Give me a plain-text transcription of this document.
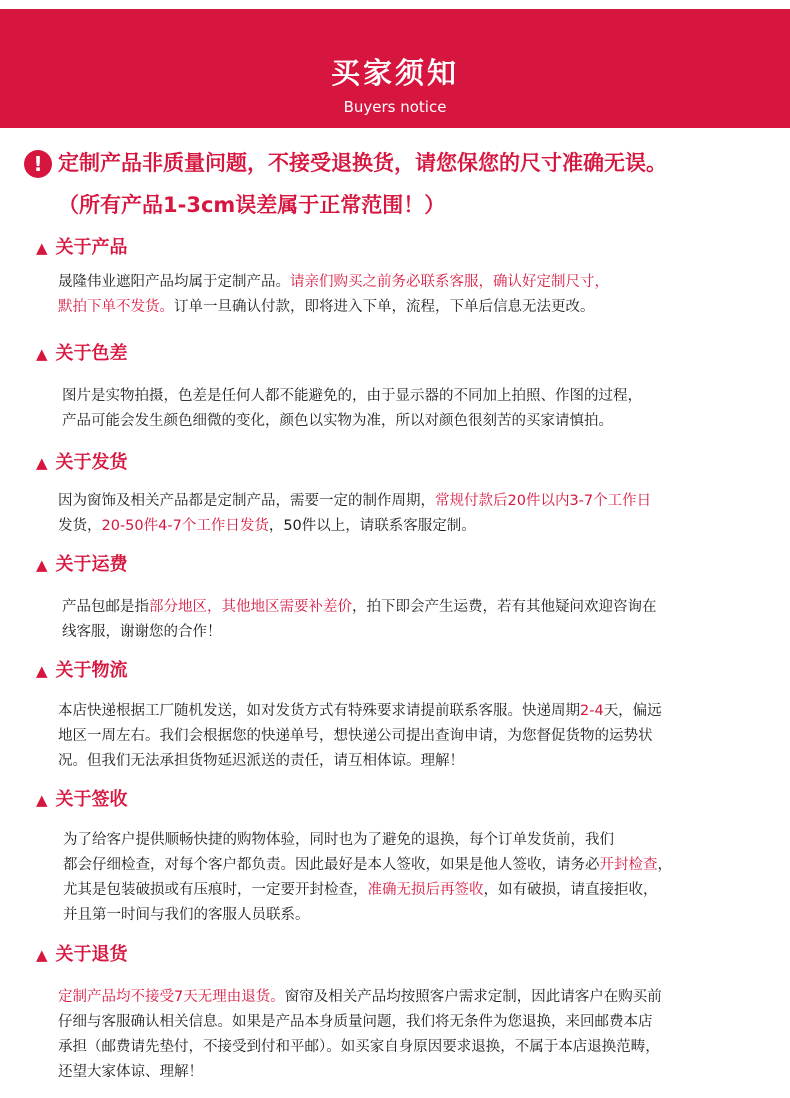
买家须知
Buyers notice
! 定制产品非质量问题，不接受退换货，请您保您的尺寸准确无误。
（所有产品1-3cm误差属于正常范围！）
▲ 关于产品
晟隆伟业遮阳产品均属于定制产品。请亲们购买之前务必联系客服，确认好定制尺寸，
默拍下单不发货。订单一旦确认付款，即将进入下单，流程，下单后信息无法更改。
▲ 关于色差
图片是实物拍摄，色差是任何人都不能避免的，由于显示器的不同加上拍照、作图的过程，
产品可能会发生颜色细微的变化，颜色以实物为准，所以对颜色很刻苦的买家请慎拍。
▲ 关于发货
因为窗饰及相关产品都是定制产品，需要一定的制作周期，常规付款后20件以内3-7个工作日
发货，20-50件4-7个工作日发货，50件以上，请联系客服定制。
▲ 关于运费
产品包邮是指部分地区，其他地区需要补差价，拍下即会产生运费，若有其他疑问欢迎咨询在
线客服，谢谢您的合作！
▲ 关于物流
本店快递根据工厂随机发送，如对发货方式有特殊要求请提前联系客服。快递周期2-4天，偏远
地区一周左右。我们会根据您的快递单号，想快递公司提出查询申请，为您督促货物的运势状
况。但我们无法承担货物延迟派送的责任，请互相体谅。理解！
▲ 关于签收
为了给客户提供顺畅快捷的购物体验，同时也为了避免的退换，每个订单发货前，我们
都会仔细检查，对每个客户都负责。因此最好是本人签收，如果是他人签收，请务必开封检查，
尤其是包装破损或有压痕时，一定要开封检查，准确无损后再签收，如有破损，请直接拒收，
并且第一时间与我们的客服人员联系。
▲ 关于退货
定制产品均不接受7天无理由退货。窗帘及相关产品均按照客户需求定制，因此请客户在购买前
仔细与客服确认相关信息。如果是产品本身质量问题，我们将无条件为您退换，来回邮费本店
承担（邮费请先垫付，不接受到付和平邮）。如买家自身原因要求退换，不属于本店退换范畴，
还望大家体谅、理解！
